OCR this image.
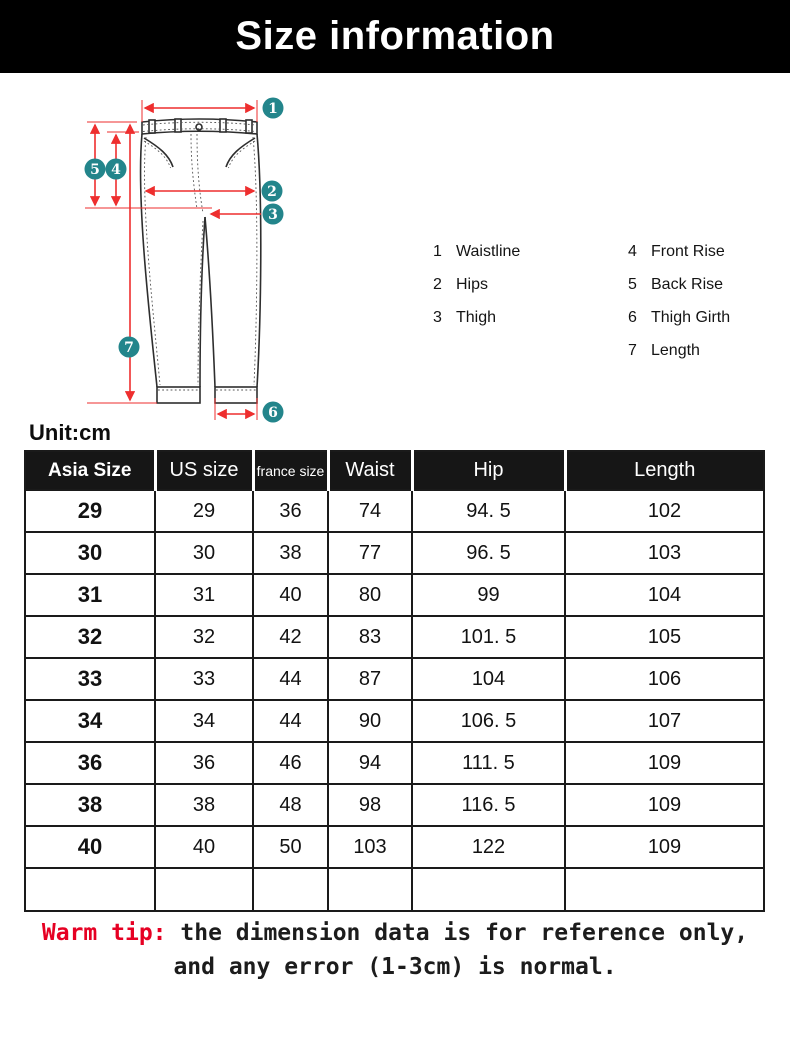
Size information
1
5 4
2
3
7
6
1 Waistline
2 Hips
3 Thigh
4 Front Rise
5 Back Rise
6 Thigh Girth
7 Length
Unit:cm
Asia Size	US size	france size	Waist	Hip	Length
29	29	36	74	94. 5	102
30	30	38	77	96. 5	103
31	31	40	80	99	104
32	32	42	83	101. 5	105
33	33	44	87	104	106
34	34	44	90	106. 5	107
36	36	46	94	111. 5	109
38	38	48	98	116. 5	109
40	40	50	103	122	109

Warm tip: the dimension data is for reference only,
and any error (1-3cm) is normal.
